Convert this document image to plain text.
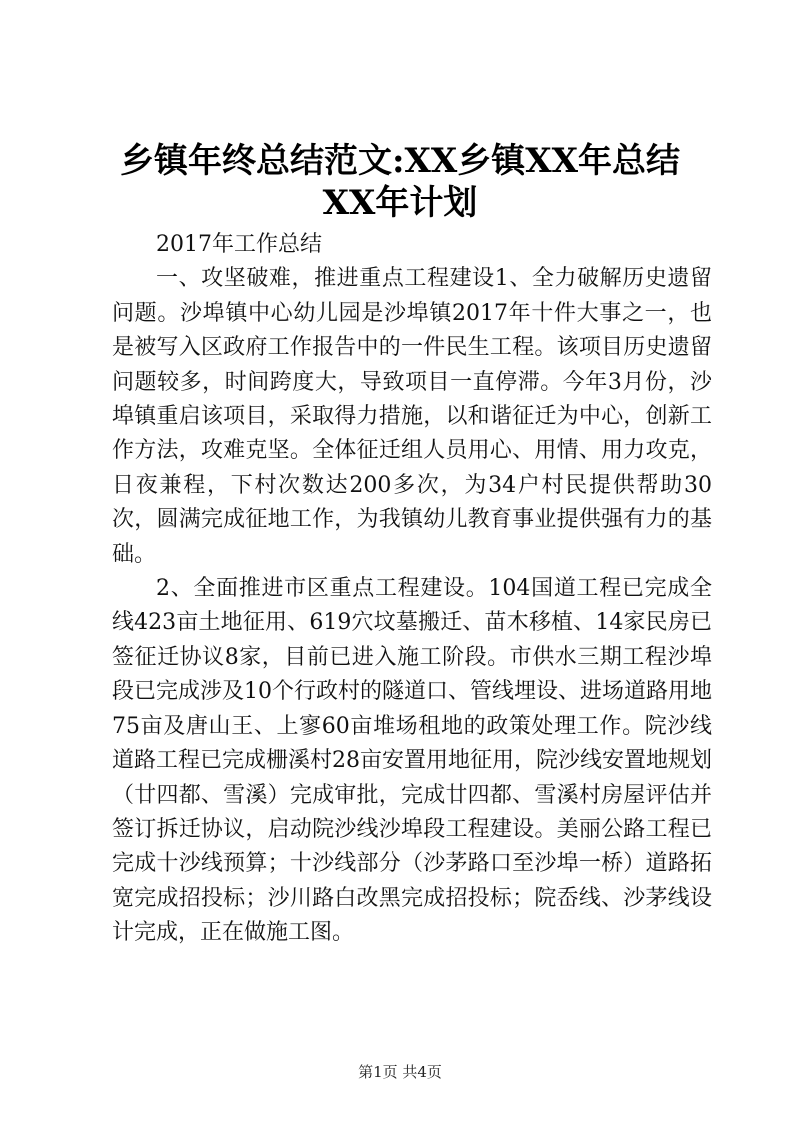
乡镇年终总结范文:XX乡镇XX年总结XX年计划

2017年工作总结

一、攻坚破难，推进重点工程建设1、全力破解历史遗留问题。沙埠镇中心幼儿园是沙埠镇2017年十件大事之一，也是被写入区政府工作报告中的一件民生工程。该项目历史遗留问题较多，时间跨度大，导致项目一直停滞。今年3月份，沙埠镇重启该项目，采取得力措施，以和谐征迁为中心，创新工作方法，攻难克坚。全体征迁组人员用心、用情、用力攻克，日夜兼程，下村次数达200多次，为34户村民提供帮助30次，圆满完成征地工作，为我镇幼儿教育事业提供强有力的基础。

2、全面推进市区重点工程建设。104国道工程已完成全线423亩土地征用、619穴坟墓搬迁、苗木移植、14家民房已签征迁协议8家，目前已进入施工阶段。市供水三期工程沙埠段已完成涉及10个行政村的隧道口、管线埋设、进场道路用地75亩及唐山王、上寥60亩堆场租地的政策处理工作。院沙线道路工程已完成栅溪村28亩安置用地征用，院沙线安置地规划（廿四都、雪溪）完成审批，完成廿四都、雪溪村房屋评估并签订拆迁协议，启动院沙线沙埠段工程建设。美丽公路工程已完成十沙线预算；十沙线部分（沙茅路口至沙埠一桥）道路拓宽完成招投标；沙川路白改黑完成招投标；院岙线、沙茅线设计完成，正在做施工图。

第1页 共4页
